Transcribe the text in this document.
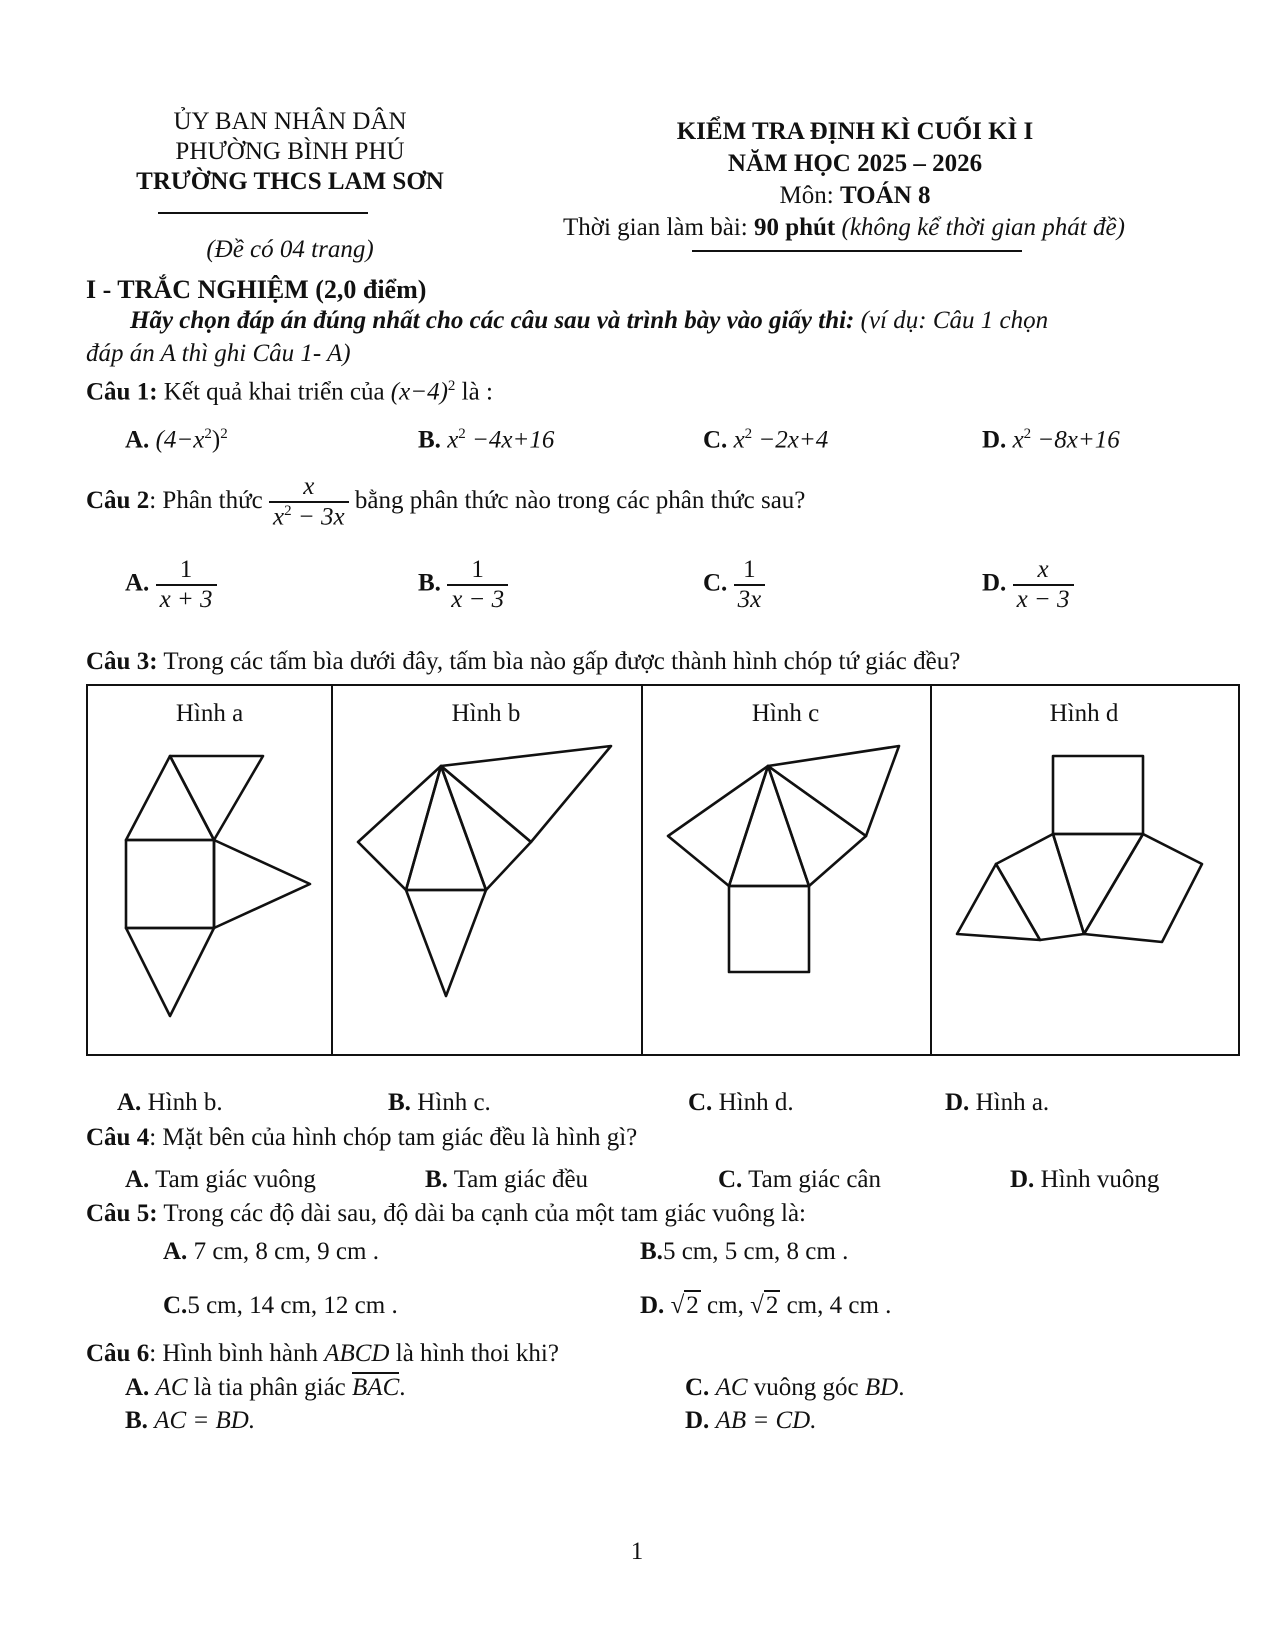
ỦY BAN NHÂN DÂN
PHƯỜNG BÌNH PHÚ
TRƯỜNG THCS LAM SƠN
(Đề có 04 trang)
KIỂM TRA ĐỊNH KÌ CUỐI KÌ I
NĂM HỌC 2025 – 2026
Môn: TOÁN 8
Thời gian làm bài: 90 phút (không kể thời gian phát đề)
I - TRẮC NGHIỆM (2,0 điểm)
Hãy chọn đáp án đúng nhất cho các câu sau và trình bày vào giấy thi: (ví dụ: Câu 1 chọn
đáp án A thì ghi Câu 1- A)
Câu 1: Kết quả khai triển của $(x-4)^2$ là :
A. $(4-x^2)^2$	B. $x^2 -4x+16$	C. $x^2 -2x+4$	D. $x^2 -8x+16$
Câu 2: Phân thức $\frac{x}{x^2 - 3x}$ bằng phân thức nào trong các phân thức sau?
A. $\frac{1}{x + 3}$	B. $\frac{1}{x - 3}$	C. $\frac{1}{3x}$	D. $\frac{x}{x - 3}$
Câu 3: Trong các tấm bìa dưới đây, tấm bìa nào gấp được thành hình chóp tứ giác đều?
Hình a	Hình b	Hình c	Hình d
A. Hình b.	B. Hình c.	C. Hình d.	D. Hình a.
Câu 4: Mặt bên của hình chóp tam giác đều là hình gì?
A. Tam giác vuông	B. Tam giác đều	C. Tam giác cân	D. Hình vuông
Câu 5: Trong các độ dài sau, độ dài ba cạnh của một tam giác vuông là:
A. 7 cm, 8 cm, 9 cm .	B.5 cm, 5 cm, 8 cm .
C.5 cm, 14 cm, 12 cm .	D. √2 cm, √2 cm, 4 cm .
Câu 6: Hình bình hành ABCD là hình thoi khi?
A. AC là tia phân giác BAC.
B. AC = BD.
C. AC vuông góc BD.
D. AB = CD.
1
